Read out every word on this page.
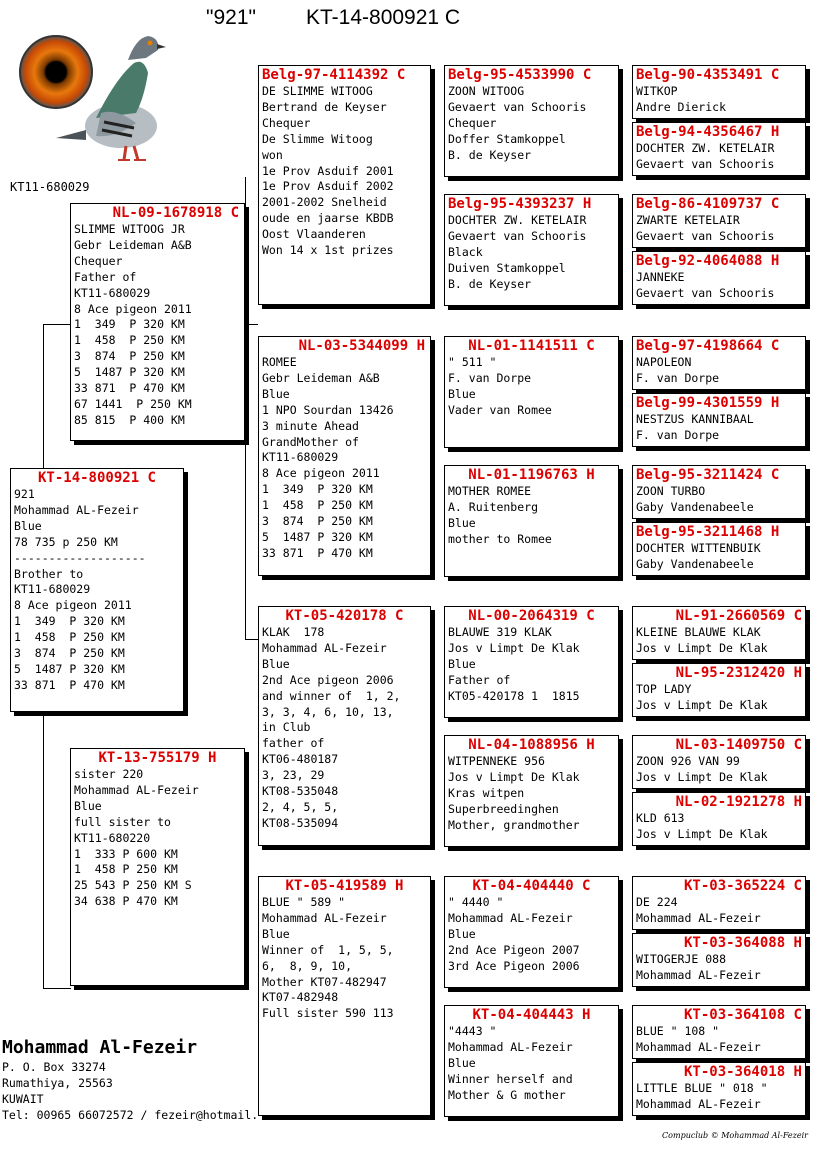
"921" KT-14-800921 C
KT11-680029
KT-14-800921 C
921
Mohammad AL-Fezeir
Blue
78 735 p 250 KM
-------------------
Brother to
KT11-680029
8 Ace pigeon 2011
1  349  P 320 KM
1  458  P 250 KM
3  874  P 250 KM
5  1487 P 320 KM
33 871  P 470 KM
NL-09-1678918 C
SLIMME WITOOG JR
Gebr Leideman A&B
Chequer
Father of
KT11-680029
8 Ace pigeon 2011
1  349  P 320 KM
1  458  P 250 KM
3  874  P 250 KM
5  1487 P 320 KM
33 871  P 470 KM
67 1441  P 250 KM
85 815  P 400 KM
KT-13-755179 H
sister 220
Mohammad AL-Fezeir
Blue
full sister to
KT11-680220
1  333 P 600 KM
1  458 P 250 KM
25 543 P 250 KM S
34 638 P 470 KM
Belg-97-4114392 C
DE SLIMME WITOOG
Bertrand de Keyser
Chequer
De Slimme Witoog
won
1e Prov Asduif 2001
1e Prov Asduif 2002
2001-2002 Snelheid
oude en jaarse KBDB
Oost Vlaanderen
Won 14 x 1st prizes
NL-03-5344099 H
ROMEE
Gebr Leideman A&B
Blue
1 NPO Sourdan 13426
3 minute Ahead
GrandMother of
KT11-680029
8 Ace pigeon 2011
1  349  P 320 KM
1  458  P 250 KM
3  874  P 250 KM
5  1487 P 320 KM
33 871  P 470 KM
KT-05-420178 C
KLAK  178
Mohammad AL-Fezeir
Blue
2nd Ace pigeon 2006
and winner of  1, 2,
3, 3, 4, 6, 10, 13,
in Club
father of
KT06-480187
3, 23, 29
KT08-535048
2, 4, 5, 5,
KT08-535094
KT-05-419589 H
BLUE " 589 "
Mohammad AL-Fezeir
Blue
Winner of  1, 5, 5,
6,  8, 9, 10,
Mother KT07-482947
KT07-482948
Full sister 590 113
Belg-95-4533990 C
ZOON WITOOG
Gevaert van Schooris
Chequer
Doffer Stamkoppel
B. de Keyser
Belg-95-4393237 H
DOCHTER ZW. KETELAIR
Gevaert van Schooris
Black
Duiven Stamkoppel
B. de Keyser
NL-01-1141511 C
" 511 "
F. van Dorpe
Blue
Vader van Romee
NL-01-1196763 H
MOTHER ROMEE
A. Ruitenberg
Blue
mother to Romee
NL-00-2064319 C
BLAUWE 319 KLAK
Jos v Limpt De Klak
Blue
Father of
KT05-420178 1  1815
NL-04-1088956 H
WITPENNEKE 956
Jos v Limpt De Klak
Kras witpen
Superbreedinghen
Mother, grandmother
KT-04-404440 C
" 4440 "
Mohammad AL-Fezeir
Blue
2nd Ace Pigeon 2007
3rd Ace Pigeon 2006
KT-04-404443 H
"4443 "
Mohammad AL-Fezeir
Blue
Winner herself and
Mother & G mother
Belg-90-4353491 C
WITKOP
Andre Dierick
Belg-94-4356467 H
DOCHTER ZW. KETELAIR
Gevaert van Schooris
Belg-86-4109737 C
ZWARTE KETELAIR
Gevaert van Schooris
Belg-92-4064088 H
JANNEKE
Gevaert van Schooris
Belg-97-4198664 C
NAPOLEON
F. van Dorpe
Belg-99-4301559 H
NESTZUS KANNIBAAL
F. van Dorpe
Belg-95-3211424 C
ZOON TURBO
Gaby Vandenabeele
Belg-95-3211468 H
DOCHTER WITTENBUIK
Gaby Vandenabeele
NL-91-2660569 C
KLEINE BLAUWE KLAK
Jos v Limpt De Klak
NL-95-2312420 H
TOP LADY
Jos v Limpt De Klak
NL-03-1409750 C
ZOON 926 VAN 99
Jos v Limpt De Klak
NL-02-1921278 H
KLD 613
Jos v Limpt De Klak
KT-03-365224 C
DE 224
Mohammad AL-Fezeir
KT-03-364088 H
WITOGERJE 088
Mohammad AL-Fezeir
KT-03-364108 C
BLUE " 108 "
Mohammad AL-Fezeir
KT-03-364018 H
LITTLE BLUE " 018 "
Mohammad AL-Fezeir
Mohammad Al-Fezeir
P. O. Box 33274
Rumathiya, 25563
KUWAIT
Tel: 00965 66072572 / fezeir@hotmail.
Compuclub © Mohammad Al-Fezeir
